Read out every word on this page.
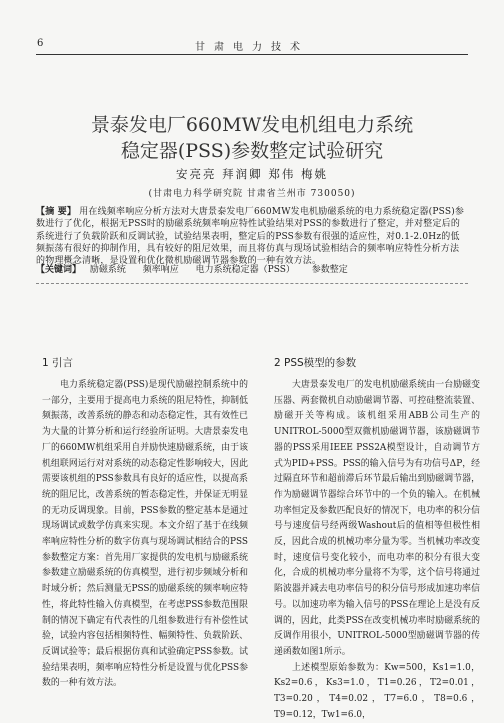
6	甘肃电力技术
景泰发电厂660MW发电机组电力系统
稳定器(PSS)参数整定试验研究
安亮亮 拜润卿 郑伟 梅姚
(甘肃电力科学研究院 甘肃省兰州市 730050)
【摘 要】 用在线频率响应分析方法对大唐景泰发电厂660MW发电机励磁系统的电力系统稳定器(PSS)参数进行了优化，根据无PSS时的励磁系统频率响应特性试验结果对PSS的参数进行了整定，并对整定后的系统进行了负载阶跃和反调试验，试验结果表明，整定后的PSS参数有很强的适应性，对0.1-2.0Hz的低频振荡有很好的抑制作用，具有较好的阻尼效果，而且将仿真与现场试验相结合的频率响应特性分析方法的物理概念清晰，是设置和优化微机励磁调节器参数的一种有效方法。
【关键词】 励磁系统 频率响应 电力系统稳定器（PSS） 参数整定
1 引言

电力系统稳定器(PSS)是现代励磁控制系统中的一部分，主要用于提高电力系统的阻尼特性，抑制低频振荡，改善系统的静态和动态稳定性，其有效性已为大量的计算分析和运行经验所证明。大唐景泰发电厂的660MW机组采用自并励快速励磁系统，由于该机组联网运行对对系统的动态稳定性影响较大，因此需要该机组的PSS参数具有良好的适应性，以提高系统的阻尼比，改善系统的暂态稳定性，并保证无明显的无功反调现象。目前，PSS参数的整定基本是通过现场调试或数学仿真来实现。本文介绍了基于在线频率响应特性分析的数字仿真与现场调试相结合的PSS参数整定方案：首先用厂家提供的发电机与励磁系统参数建立励磁系统的仿真模型，进行初步频域分析和时域分析；然后测量无PSS的励磁系统的频率响应特性，将此特性输入仿真模型，在考虑PSS参数范围限制的情况下确定有代表性的几组参数进行有补偿性试验，试验内容包括相频特性、幅频特性、负载阶跃、反调试验等；最后根据仿真和试验确定PSS参数。试验结果表明，频率响应特性分析是设置与优化PSS参数的一种有效方法。

2 PSS模型的参数

大唐景泰发电厂的发电机励磁系统由一台励磁变压器、两套微机自动励磁调节器、可控硅整流装置、励磁开关等构成。该机组采用ABB公司生产的UNITROL-5000型双微机励磁调节器，该励磁调节器的PSS采用IEEE PSS2A模型设计，自动调节方式为PID+PSS。PSS的输入信号为有功信号ΔP，经过隔直环节和超前滞后环节最后输出到励磁调节器，作为励磁调节器综合环节中的一个负的输入。在机械功率恒定及参数匹配良好的情况下，电功率的积分信号与速度信号经两级Washout后的值相等但极性相反，因此合成的机械功率分量为零。当机械功率改变时，速度信号变化较小，而电功率的积分有很大变化，合成的机械功率分量将不为零，这个信号将通过陷波器并减去电功率信号的积分信号形成加速功率信号。以加速功率为输入信号的PSS在理论上是没有反调的，因此，此类PSS在改变机械功率时励磁系统的反调作用很小，UNITROL-5000型励磁调节器的传递函数如图1所示。

上述模型原始参数为：Kw=500，Ks1=1.0，Ks2=0.6，Ks3=1.0，T1=0.26，T2=0.01，T3=0.20，T4=0.02，T7=6.0，T8=0.6，T9=0.12，Tw1=6.0，
